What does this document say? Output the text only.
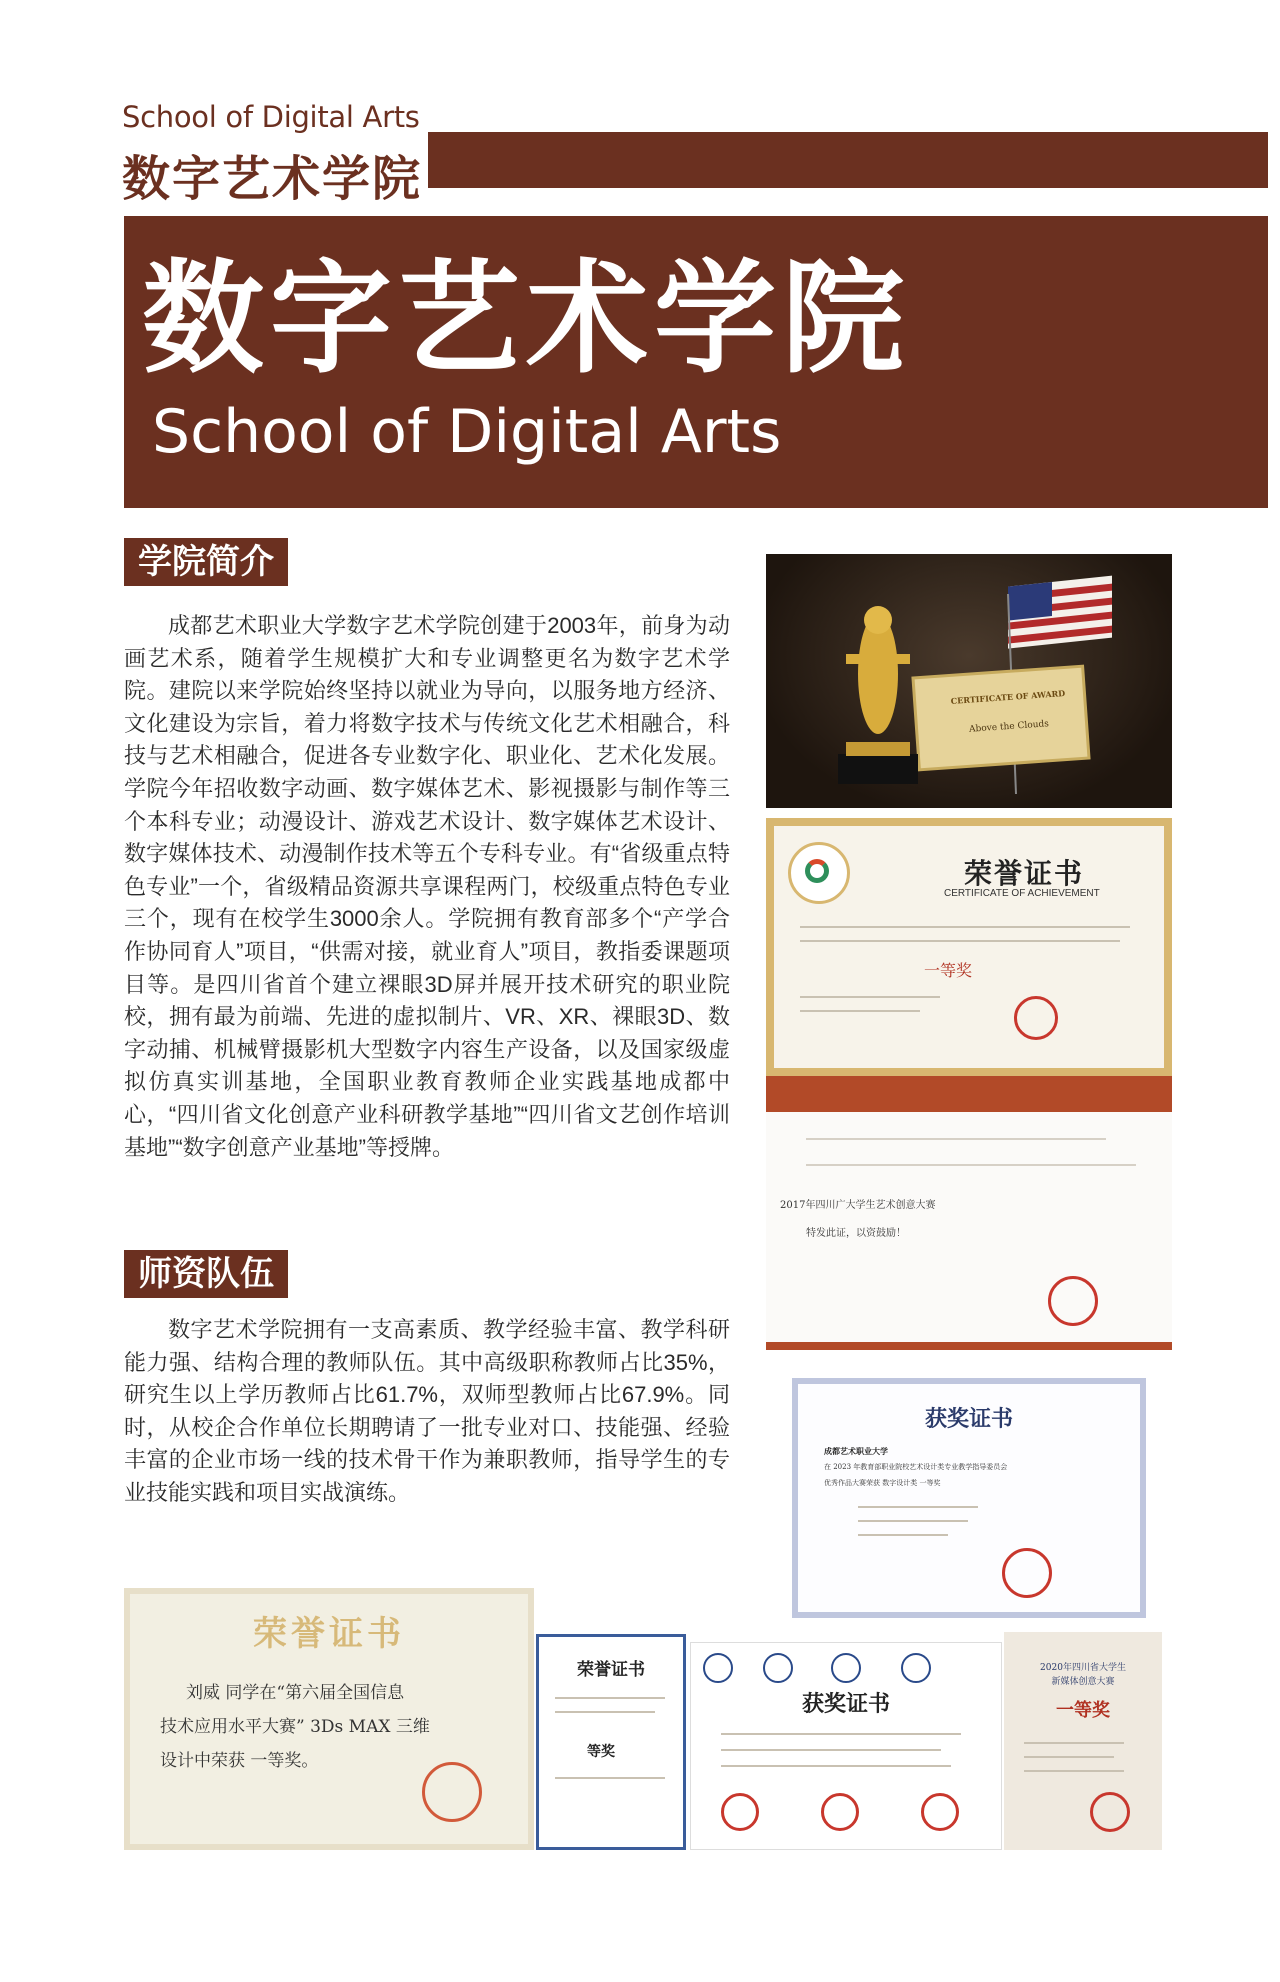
School of Digital Arts
数字艺术学院
数字艺术学院
School of Digital Arts
学院简介
成都艺术职业大学数字艺术学院创建于2003年，前身为动画艺术系，随着学生规模扩大和专业调整更名为数字艺术学院。建院以来学院始终坚持以就业为导向，以服务地方经济、文化建设为宗旨，着力将数字技术与传统文化艺术相融合，科技与艺术相融合，促进各专业数字化、职业化、艺术化发展。学院今年招收数字动画、数字媒体艺术、影视摄影与制作等三个本科专业；动漫设计、游戏艺术设计、数字媒体艺术设计、数字媒体技术、动漫制作技术等五个专科专业。有“省级重点特色专业”一个，省级精品资源共享课程两门，校级重点特色专业三个，现有在校学生3000余人。学院拥有教育部多个“产学合作协同育人”项目，“供需对接，就业育人”项目，教指委课题项目等。是四川省首个建立裸眼3D屏并展开技术研究的职业院校，拥有最为前端、先进的虚拟制片、VR、XR、裸眼3D、数字动捕、机械臂摄影机大型数字内容生产设备，以及国家级虚拟仿真实训基地，全国职业教育教师企业实践基地成都中心，“四川省文化创意产业科研教学基地”“四川省文艺创作培训基地”“数字创意产业基地”等授牌。
师资队伍
数字艺术学院拥有一支高素质、教学经验丰富、教学科研能力强、结构合理的教师队伍。其中高级职称教师占比35%，研究生以上学历教师占比61.7%，双师型教师占比67.9%。同时，从校企合作单位长期聘请了一批专业对口、技能强、经验丰富的企业市场一线的技术骨干作为兼职教师，指导学生的专业技能实践和项目实战演练。
CERTIFICATE OF AWARD
Above the Clouds
荣誉证书
CERTIFICATE OF ACHIEVEMENT
一等奖
2017年四川广大学生艺术创意大赛
特发此证，以资鼓励！
获奖证书
成都艺术职业大学
在 2023 年教育部职业院校艺术设计类专业教学指导委员会
优秀作品大赛荣获 数字设计类 一等奖
荣誉证书
刘威 同学在“第六届全国信息
技术应用水平大赛” 3Ds MAX 三维
设计中荣获 一等奖。
荣誉证书
等奖
获奖证书
2020年四川省大学生
新媒体创意大赛
一等奖
